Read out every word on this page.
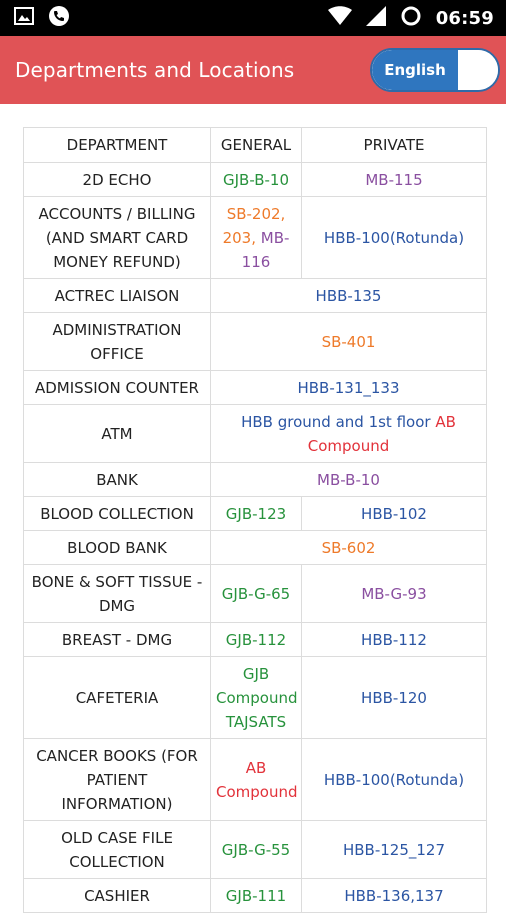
06:59
Departments and Locations	English
DEPARTMENT	GENERAL	PRIVATE
2D ECHO	GJB-B-10	MB-115
ACCOUNTS / BILLING (AND SMART CARD MONEY REFUND)	SB-202, 203, MB-116	HBB-100(Rotunda)
ACTREC LIAISON	HBB-135	
ADMINISTRATION OFFICE	SB-401	
ADMISSION COUNTER	HBB-131_133	
ATM	HBB ground and 1st floor AB Compound	
BANK	MB-B-10	
BLOOD COLLECTION	GJB-123	HBB-102
BLOOD BANK	SB-602	
BONE & SOFT TISSUE - DMG	GJB-G-65	MB-G-93
BREAST - DMG	GJB-112	HBB-112
CAFETERIA	GJB Compound TAJSATS	HBB-120
CANCER BOOKS (FOR PATIENT INFORMATION)	AB Compound	HBB-100(Rotunda)
OLD CASE FILE COLLECTION	GJB-G-55	HBB-125_127
CASHIER	GJB-111	HBB-136,137
